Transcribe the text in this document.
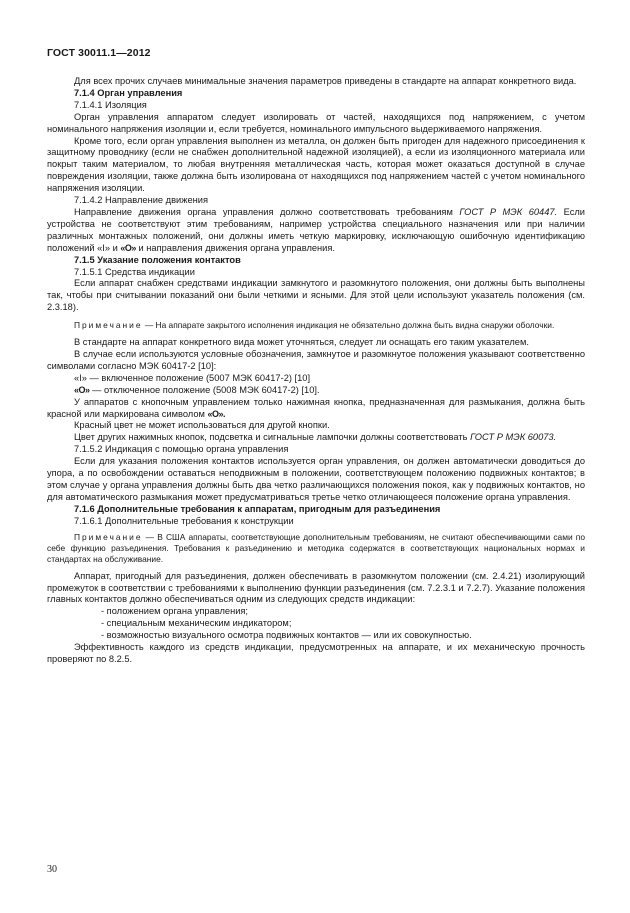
ГОСТ 30011.1—2012

Для всех прочих случаев минимальные значения параметров приведены в стандарте на аппарат конкретного вида.

7.1.4 Орган управления

7.1.4.1 Изоляция

Орган управления аппаратом следует изолировать от частей, находящихся под напряжением, с учетом номинального напряжения изоляции и, если требуется, номинального импульсного выдерживаемого напряжения.

Кроме того, если орган управления выполнен из металла, он должен быть пригоден для надежного присоединения к защитному проводнику (если не снабжен дополнительной надежной изоляцией), а если из изоляционного материала или покрыт таким материалом, то любая внутренняя металлическая часть, которая может оказаться доступной в случае повреждения изоляции, также должна быть изолирована от находящихся под напряжением частей с учетом номинального напряжения изоляции.

7.1.4.2 Направление движения

Направление движения органа управления должно соответствовать требованиям ГОСТ Р МЭК 60447. Если устройства не соответствуют этим требованиям, например устройства специального назначения или при наличии различных монтажных положений, они должны иметь четкую маркировку, исключающую ошибочную идентификацию положений «I» и «O» и направления движения органа управления.

7.1.5 Указание положения контактов

7.1.5.1 Средства индикации

Если аппарат снабжен средствами индикации замкнутого и разомкнутого положения, они должны быть выполнены так, чтобы при считывании показаний они были четкими и ясными. Для этой цели используют указатель положения (см. 2.3.18).

Примечание — На аппарате закрытого исполнения индикация не обязательно должна быть видна снаружи оболочки.

В стандарте на аппарат конкретного вида может уточняться, следует ли оснащать его таким указателем.

В случае если используются условные обозначения, замкнутое и разомкнутое положения указывают соответственно символами согласно МЭК 60417-2 [10]:

«I» — включенное положение (5007 МЭК 60417-2) [10]

«O» — отключенное положение (5008 МЭК 60417-2) [10].

У аппаратов с кнопочным управлением только нажимная кнопка, предназначенная для размыкания, должна быть красной или маркирована символом «O».

Красный цвет не может использоваться для другой кнопки.

Цвет других нажимных кнопок, подсветка и сигнальные лампочки должны соответствовать ГОСТ Р МЭК 60073.

7.1.5.2 Индикация с помощью органа управления

Если для указания положения контактов используется орган управления, он должен автоматически доводиться до упора, а по освобождении оставаться неподвижным в положении, соответствующем положению подвижных контактов; в этом случае у органа управления должны быть два четко различающихся положения покоя, как у подвижных контактов, но для автоматического размыкания может предусматриваться третье четко отличающееся положение органа управления.

7.1.6 Дополнительные требования к аппаратам, пригодным для разъединения

7.1.6.1 Дополнительные требования к конструкции

Примечание — В США аппараты, соответствующие дополнительным требованиям, не считают обеспечивающими сами по себе функцию разъединения. Требования к разъединению и методика содержатся в соответствующих национальных нормах и стандартах на обслуживание.

Аппарат, пригодный для разъединения, должен обеспечивать в разомкнутом положении (см. 2.4.21) изолирующий промежуток в соответствии с требованиями к выполнению функции разъединения (см. 7.2.3.1 и 7.2.7). Указание положения главных контактов должно обеспечиваться одним из следующих средств индикации:

- положением органа управления;

- специальным механическим индикатором;

- возможностью визуального осмотра подвижных контактов — или их совокупностью.

Эффективность каждого из средств индикации, предусмотренных на аппарате, и их механическую прочность проверяют по 8.2.5.

30
